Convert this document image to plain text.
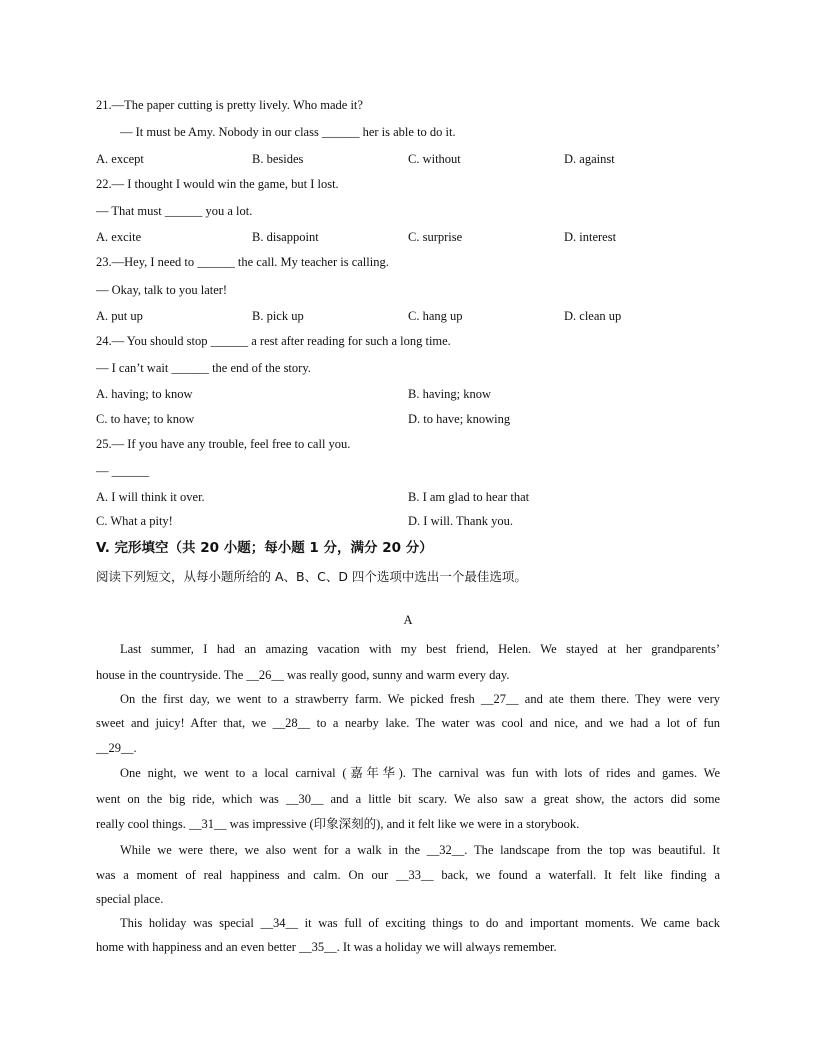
21.—The paper cutting is pretty lively. Who made it?
— It must be Amy. Nobody in our class ______ her is able to do it.
A. except	B. besides	C. without	D. against
22.— I thought I would win the game, but I lost.
— That must ______ you a lot.
A. excite	B. disappoint	C. surprise	D. interest
23.—Hey, I need to ______ the call. My teacher is calling.
— Okay, talk to you later!
A. put up	B. pick up	C. hang up	D. clean up
24.— You should stop ______ a rest after reading for such a long time.
— I can’t wait ______ the end of the story.
A. having; to know	B. having; know
C. to have; to know	D. to have; knowing
25.— If you have any trouble, feel free to call you.
— ______
A. I will think it over.	B. I am glad to hear that
C. What a pity!	D. I will. Thank you.
V. 完形填空（共 20 小题；每小题 1 分，满分 20 分）
阅读下列短文，从每小题所给的 A、B、C、D 四个选项中选出一个最佳选项。
A
Last summer, I had an amazing vacation with my best friend, Helen. We stayed at her grandparents’
house in the countryside. The __26__ was really good, sunny and warm every day.
On the first day, we went to a strawberry farm. We picked fresh __27__ and ate them there. They were very
sweet and juicy! After that, we __28__ to a nearby lake. The water was cool and nice, and we had a lot of fun
__29__.
One night, we went to a local carnival (嘉年华). The carnival was fun with lots of rides and games. We
went on the big ride, which was __30__ and a little bit scary. We also saw a great show, the actors did some
really cool things. __31__ was impressive (印象深刻的), and it felt like we were in a storybook.
While we were there, we also went for a walk in the __32__. The landscape from the top was beautiful. It
was a moment of real happiness and calm. On our __33__ back, we found a waterfall. It felt like finding a
special place.
This holiday was special __34__ it was full of exciting things to do and important moments. We came back
home with happiness and an even better __35__. It was a holiday we will always remember.
